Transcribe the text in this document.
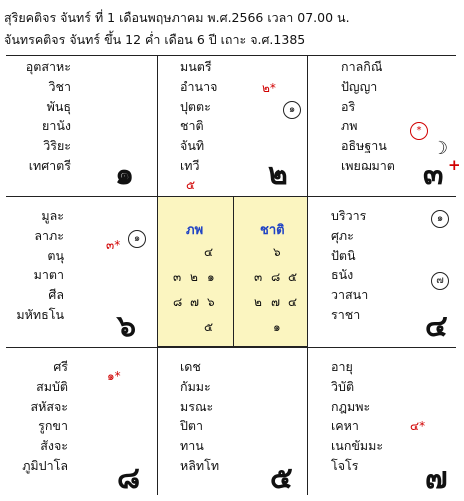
สุริยคติจร จันทร์ ที่ 1 เดือนพฤษภาคม พ.ศ.2566 เวลา 07.00 น.
จันทรคติจร จันทร์ ขึ้น 12 ค่ำ เดือน 6 ปี เถาะ จ.ศ.1385
อุตสาหะ
วิชา
พันธุ
ยานัง
วิริยะ
เทศาตรี ๑
มนตรี
อำนาจ
ปุตตะ
ชาติ
จันทิ
เทวี
๒*
๑
๕ ๒
กาลกิณี
ปัญญา
อริ
ภพ
อธิษฐาน
เพยฌมาต
*
☽
๓ +
มูละ
ลาภะ
ตนุ
มาตา
ศีล
มหัทธโน
๓*	๑
๖
ภพ	ชาติ
๔
๓ ๒ ๑
๘ ๗ ๖
๕
๖
๓ ๘ ๕
๒ ๗ ๔
๑
บริวาร
ศุภะ
ปัตนิ
ธนัง
วาสนา
ราชา
๑
๗
๔
ศรี
สมบัติ
สหัสจะ
รูกขา
สังจะ
ภูมิปาโล
๑*
๘
เดช
กัมมะ
มรณะ
ปิตา
ทาน
หลิทโท ๕
อายุ
วิบัติ
กฎมพะ
เคหา
เนกขัมมะ
โจโร
๔*
๗
